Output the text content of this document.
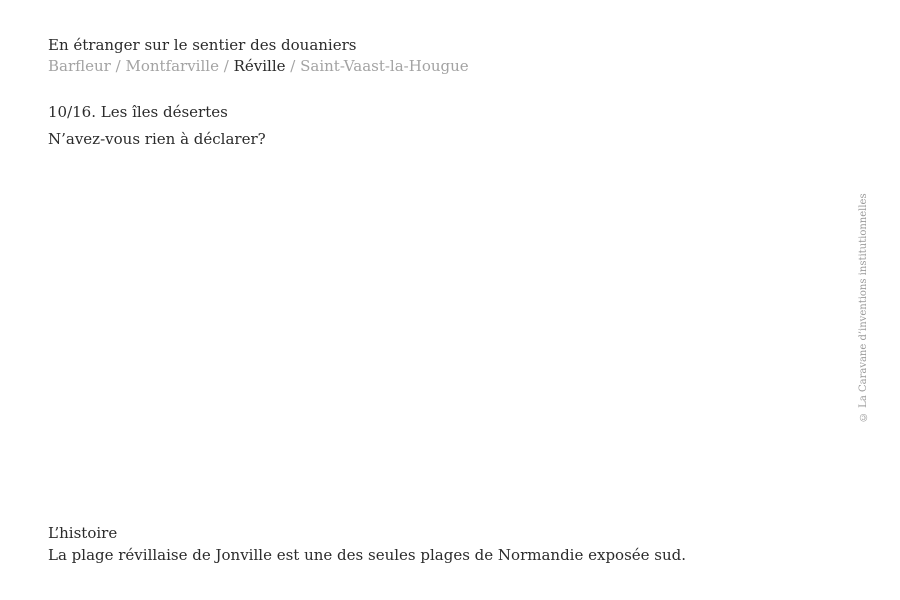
En étranger sur le sentier des douaniers
Barfleur / Montfarville / Réville / Saint-Vaast-la-Hougue
10/16. Les îles désertes
N’avez-vous rien à déclarer?
© La Caravane d’inventions institutionnelles
L’histoire
La plage révillaise de Jonville est une des seules plages de Normandie exposée sud.
